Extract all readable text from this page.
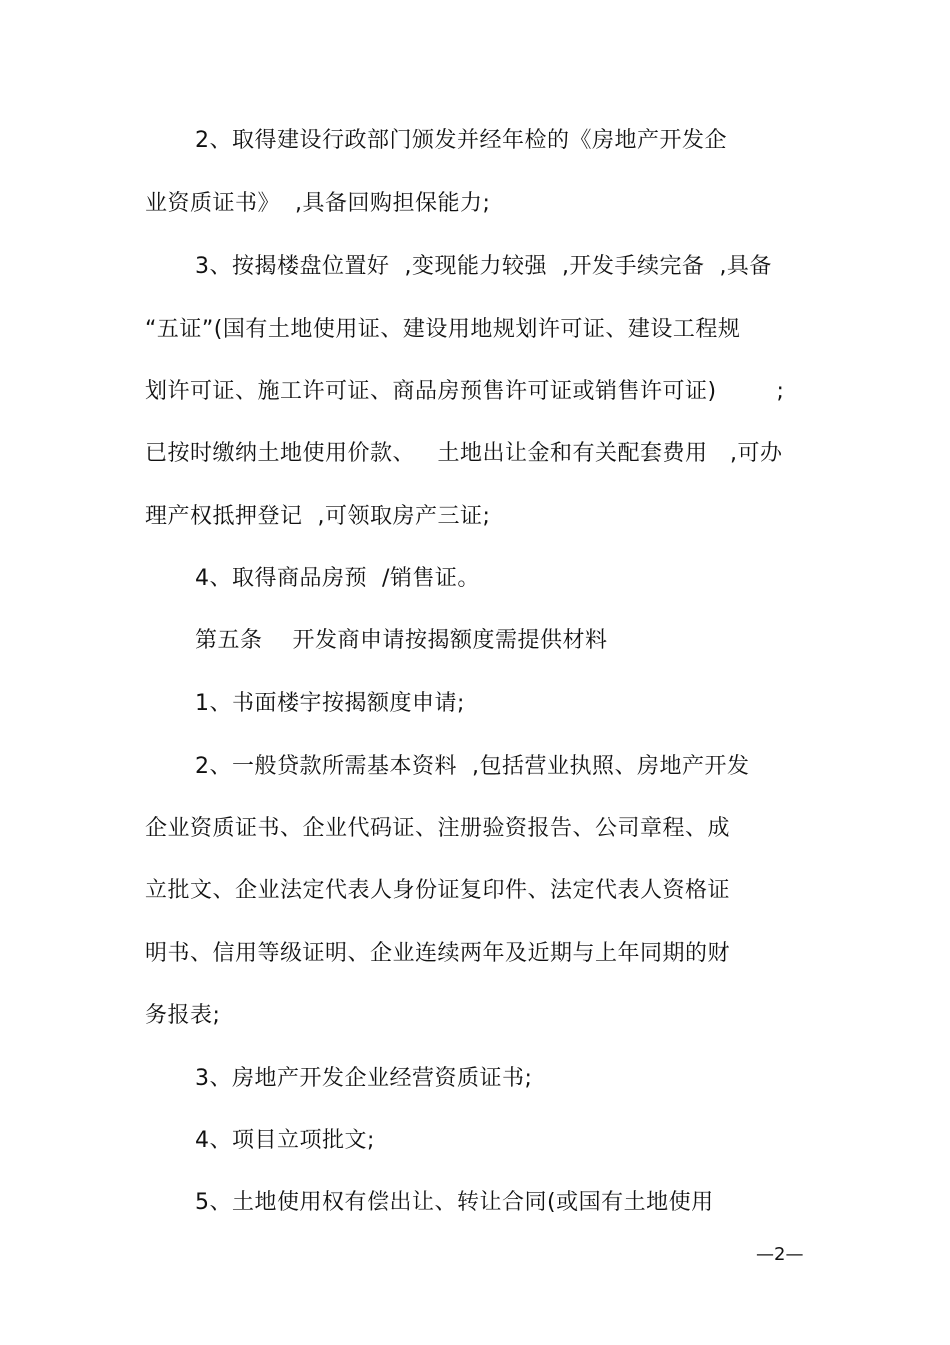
2、取得建设行政部门颁发并经年检的《房地产开发企
业资质证书》  ,具备回购担保能力;
3、按揭楼盘位置好  ,变现能力较强  ,开发手续完备  ,具备
“五证”(国有土地使用证、建设用地规划许可证、建设工程规
划许可证、施工许可证、商品房预售许可证或销售许可证)        ;
已按时缴纳土地使用价款、   土地出让金和有关配套费用   ,可办
理产权抵押登记  ,可领取房产三证;
4、取得商品房预  /销售证。
第五条    开发商申请按揭额度需提供材料
1、书面楼宇按揭额度申请;
2、一般贷款所需基本资料  ,包括营业执照、房地产开发
企业资质证书、企业代码证、注册验资报告、公司章程、成
立批文、企业法定代表人身份证复印件、法定代表人资格证
明书、信用等级证明、企业连续两年及近期与上年同期的财
务报表;
3、房地产开发企业经营资质证书;
4、项目立项批文;
5、土地使用权有偿出让、转让合同(或国有土地使用
—2—
